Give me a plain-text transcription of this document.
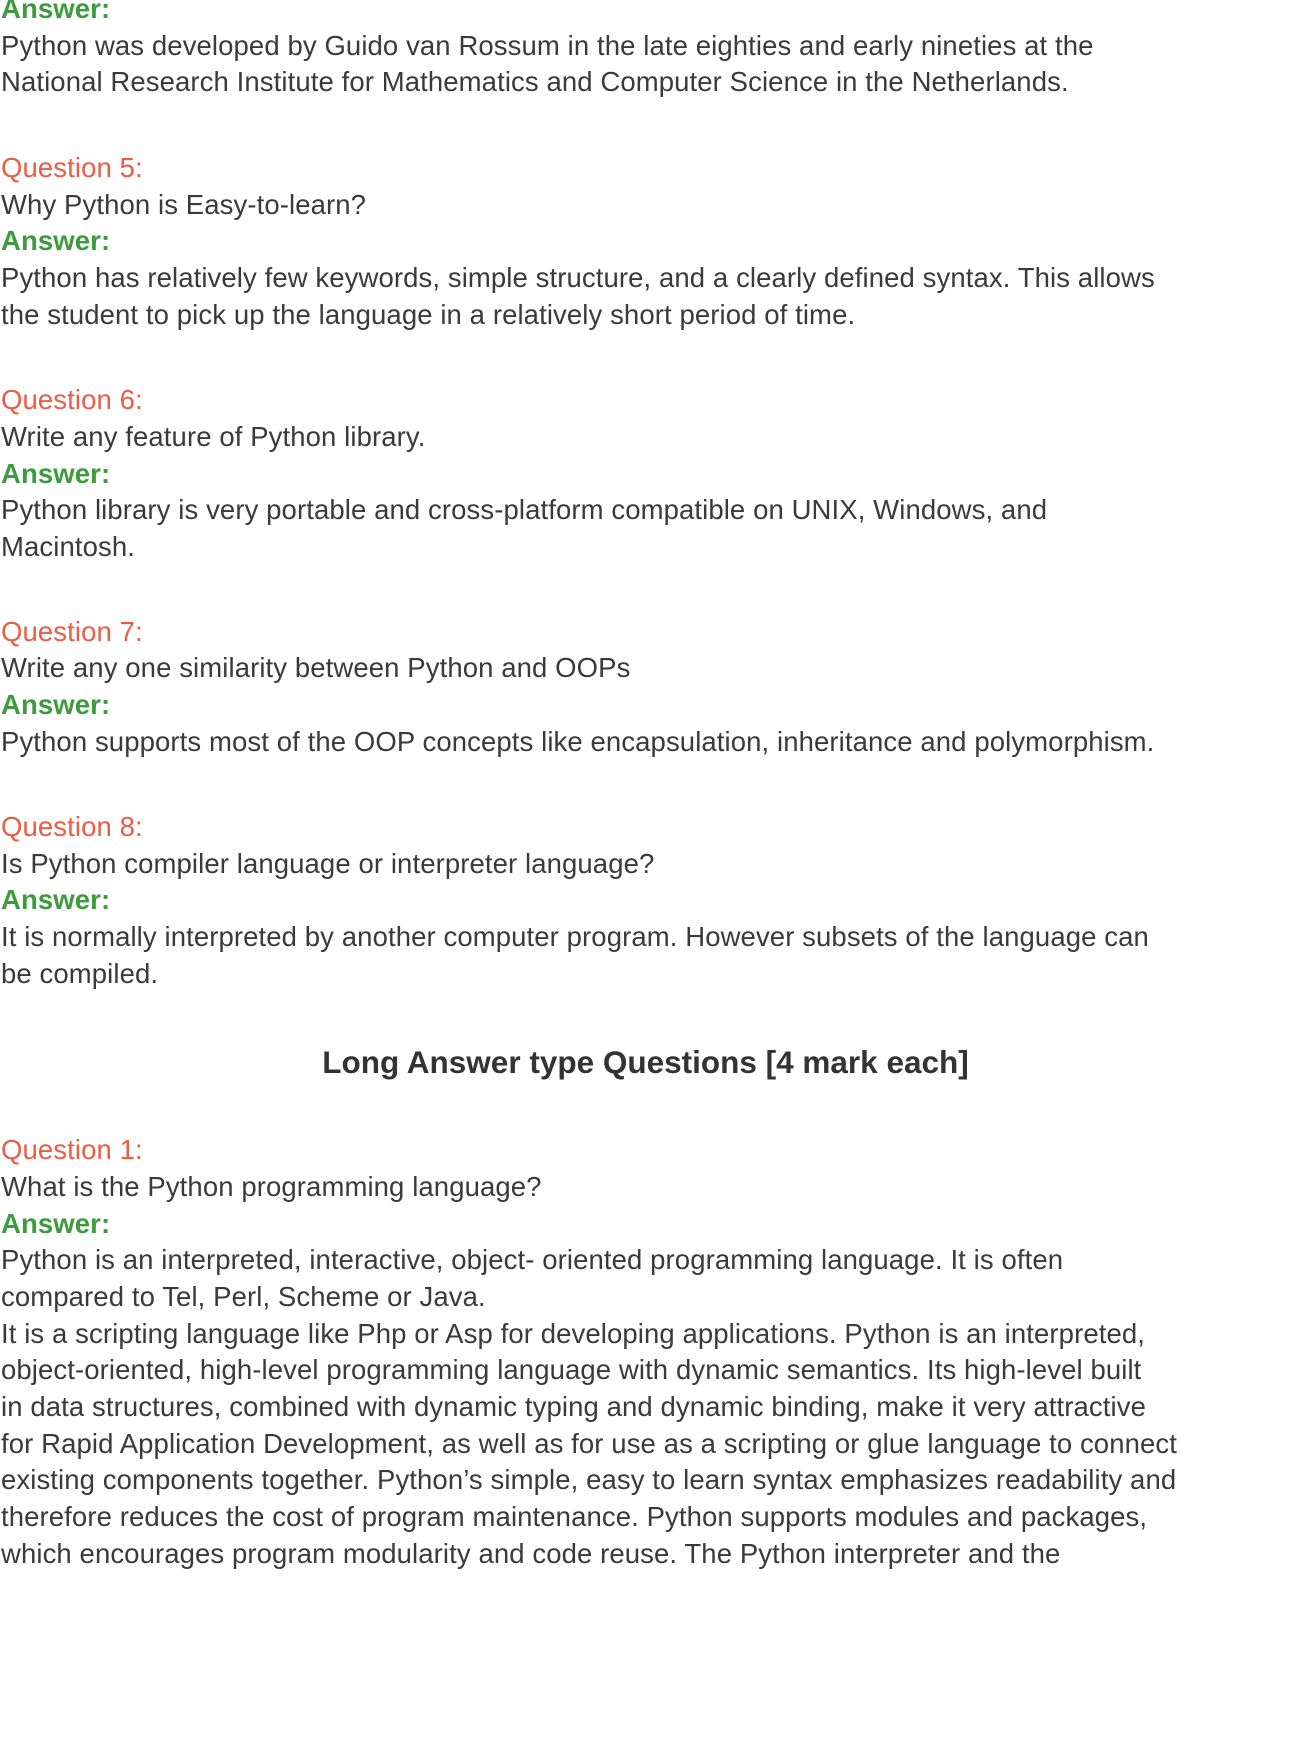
Answer:
Python was developed by Guido van Rossum in the late eighties and early nineties at the
National Research Institute for Mathematics and Computer Science in the Netherlands.
Question 5:
Why Python is Easy-to-learn?
Answer:
Python has relatively few keywords, simple structure, and a clearly defined syntax. This allows
the student to pick up the language in a relatively short period of time.
Question 6:
Write any feature of Python library.
Answer:
Python library is very portable and cross-platform compatible on UNIX, Windows, and
Macintosh.
Question 7:
Write any one similarity between Python and OOPs
Answer:
Python supports most of the OOP concepts like encapsulation, inheritance and polymorphism.
Question 8:
Is Python compiler language or interpreter language?
Answer:
It is normally interpreted by another computer program. However subsets of the language can
be compiled.
Long Answer type Questions [4 mark each]
Question 1:
What is the Python programming language?
Answer:
Python is an interpreted, interactive, object- oriented programming language. It is often
compared to Tel, Perl, Scheme or Java.
It is a scripting language like Php or Asp for developing applications. Python is an interpreted,
object-oriented, high-level programming language with dynamic semantics. Its high-level built
in data structures, combined with dynamic typing and dynamic binding, make it very attractive
for Rapid Application Development, as well as for use as a scripting or glue language to connect
existing components together. Python’s simple, easy to learn syntax emphasizes readability and
therefore reduces the cost of program maintenance. Python supports modules and packages,
which encourages program modularity and code reuse. The Python interpreter and the
